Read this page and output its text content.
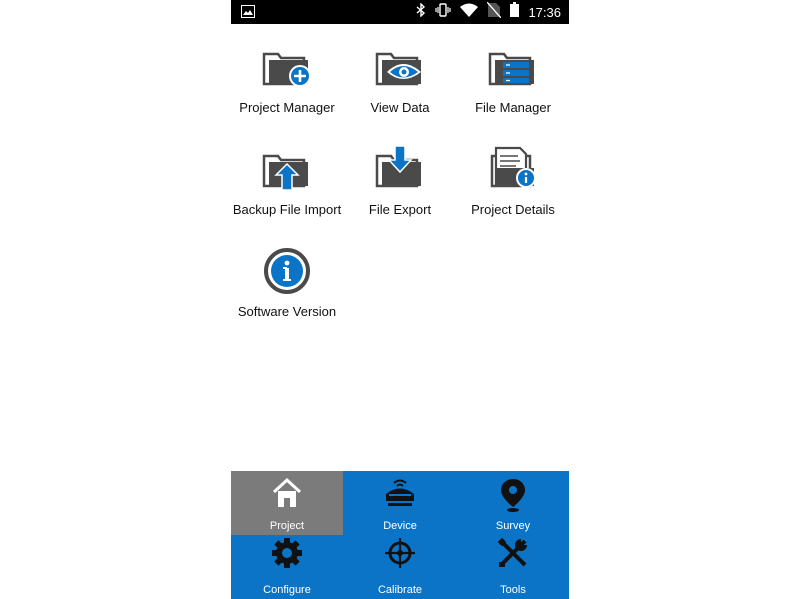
17:36
Project Manager	View Data	File Manager
Backup File Import	File Export	Project Details
Software Version
Project	Device	Survey
Configure	Calibrate	Tools
